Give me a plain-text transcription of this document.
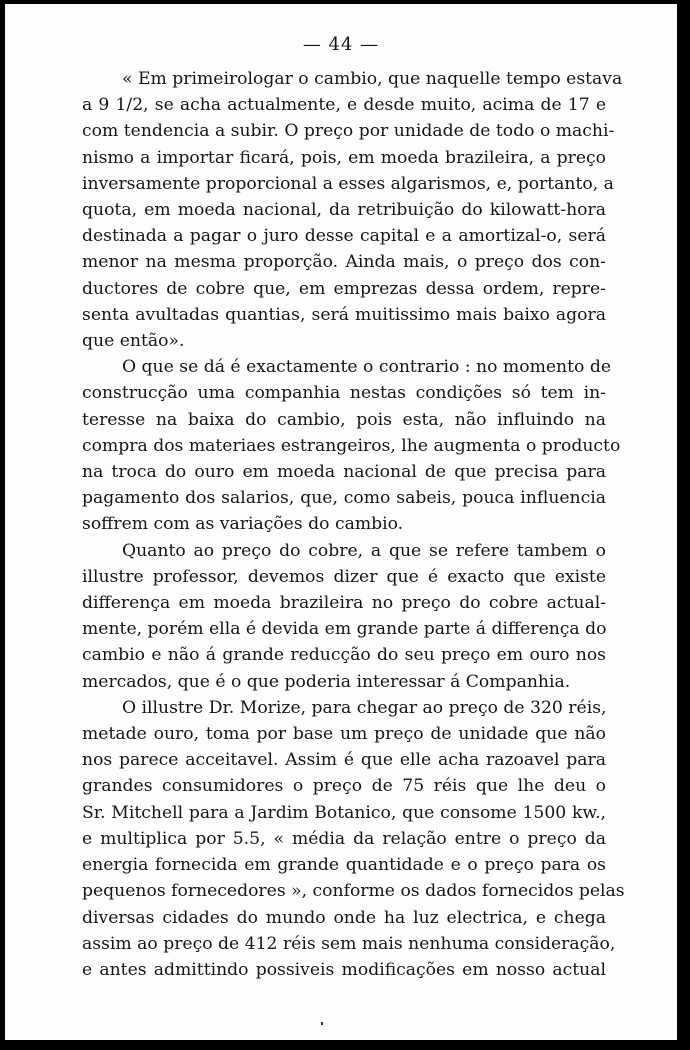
— 44 —

« Em primeirologar o cambio, que naquelle tempo estava
a 9 1/2, se acha actualmente, e desde muito, acima de 17 e
com tendencia a subir. O preço por unidade de todo o machi-
nismo a importar ficará, pois, em moeda brazileira, a preço
inversamente proporcional a esses algarismos, e, portanto, a
quota, em moeda nacional, da retribuição do kilowatt-hora
destinada a pagar o juro desse capital e a amortizal-o, será
menor na mesma proporção. Ainda mais, o preço dos con-
ductores de cobre que, em emprezas dessa ordem, repre-
senta avultadas quantias, será muitissimo mais baixo agora
que então».

O que se dá é exactamente o contrario : no momento de
construcção uma companhia nestas condições só tem in-
teresse na baixa do cambio, pois esta, não influindo na
compra dos materiaes estrangeiros, lhe augmenta o producto
na troca do ouro em moeda nacional de que precisa para
pagamento dos salarios, que, como sabeis, pouca influencia
soffrem com as variações do cambio.

Quanto ao preço do cobre, a que se refere tambem o
illustre professor, devemos dizer que é exacto que existe
differença em moeda brazileira no preço do cobre actual-
mente, porém ella é devida em grande parte á differença do
cambio e não á grande reducção do seu preço em ouro nos
mercados, que é o que poderia interessar á Companhia.

O illustre Dr. Morize, para chegar ao preço de 320 réis,
metade ouro, toma por base um preço de unidade que não
nos parece acceitavel. Assim é que elle acha razoavel para
grandes consumidores o preço de 75 réis que lhe deu o
Sr. Mitchell para a Jardim Botanico, que consome 1500 kw.,
e multiplica por 5.5, « média da relação entre o preço da
energia fornecida em grande quantidade e o preço para os
pequenos fornecedores », conforme os dados fornecidos pelas
diversas cidades do mundo onde ha luz electrica, e chega
assim ao preço de 412 réis sem mais nenhuma consideração,
e antes admittindo possiveis modificações em nosso actual
